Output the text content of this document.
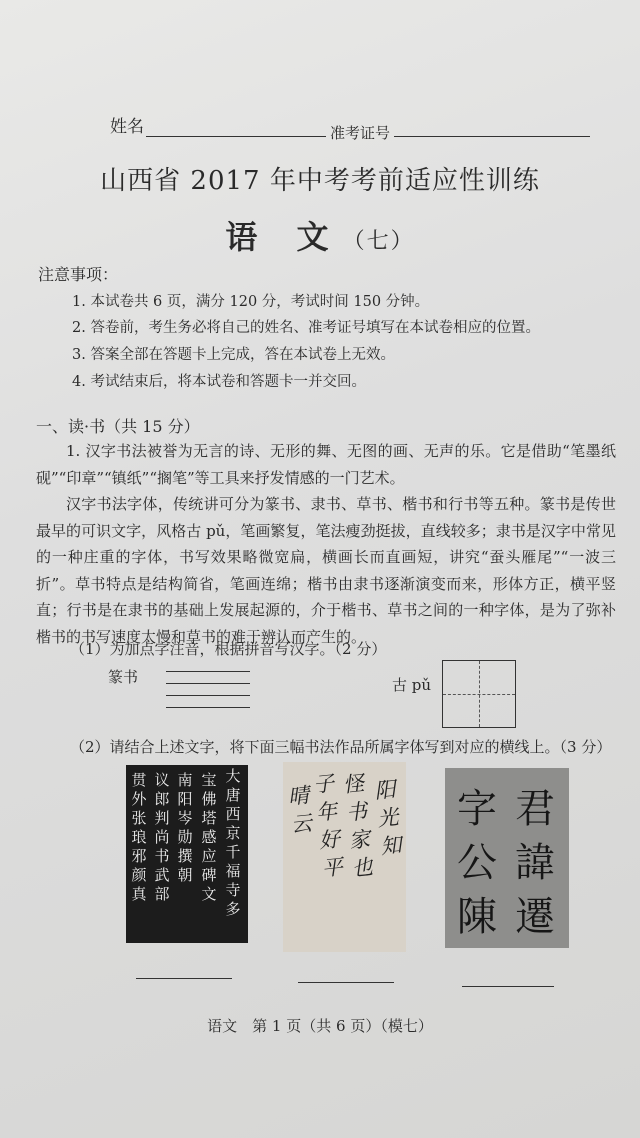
姓名	准考证号
山西省 2017 年中考考前适应性训练
语 文（七）
注意事项：
1. 本试卷共 6 页，满分 120 分，考试时间 150 分钟。
2. 答卷前，考生务必将自己的姓名、准考证号填写在本试卷相应的位置。
3. 答案全部在答题卡上完成，答在本试卷上无效。
4. 考试结束后，将本试卷和答题卡一并交回。
一、读·书（共 15 分）
1. 汉字书法被誉为无言的诗、无形的舞、无图的画、无声的乐。它是借助“笔墨纸砚”“印章”“镇纸”“搁笔”等工具来抒发情感的一门艺术。
汉字书法字体，传统讲可分为篆书、隶书、草书、楷书和行书等五种。篆书是传世最早的可识文字，风格古 pǔ，笔画繁复，笔法瘦劲挺拔，直线较多；隶书是汉字中常见的一种庄重的字体，书写效果略微宽扁，横画长而直画短，讲究“蚕头雁尾”“一波三折”。草书特点是结构简省，笔画连绵；楷书由隶书逐渐演变而来，形体方正，横平竖直；行书是在隶书的基础上发展起源的，介于楷书、草书之间的一种字体，是为了弥补楷书的书写速度太慢和草书的难于辨认而产生的。
（1）为加点字注音，根据拼音写汉字。（2 分）
篆书	古 pǔ
（2）请结合上述文字，将下面三幅书法作品所属字体写到对应的横线上。（3 分）
贯外张琅邪颜真
议郎判尚书武部
南阳岑勋撰朝
宝佛塔感应碑文
大唐西京千福寺多
晴云
子年好平
怪书家也
阳光知
字公陳
君諱遷
语文　第 1 页（共 6 页）（模七）
